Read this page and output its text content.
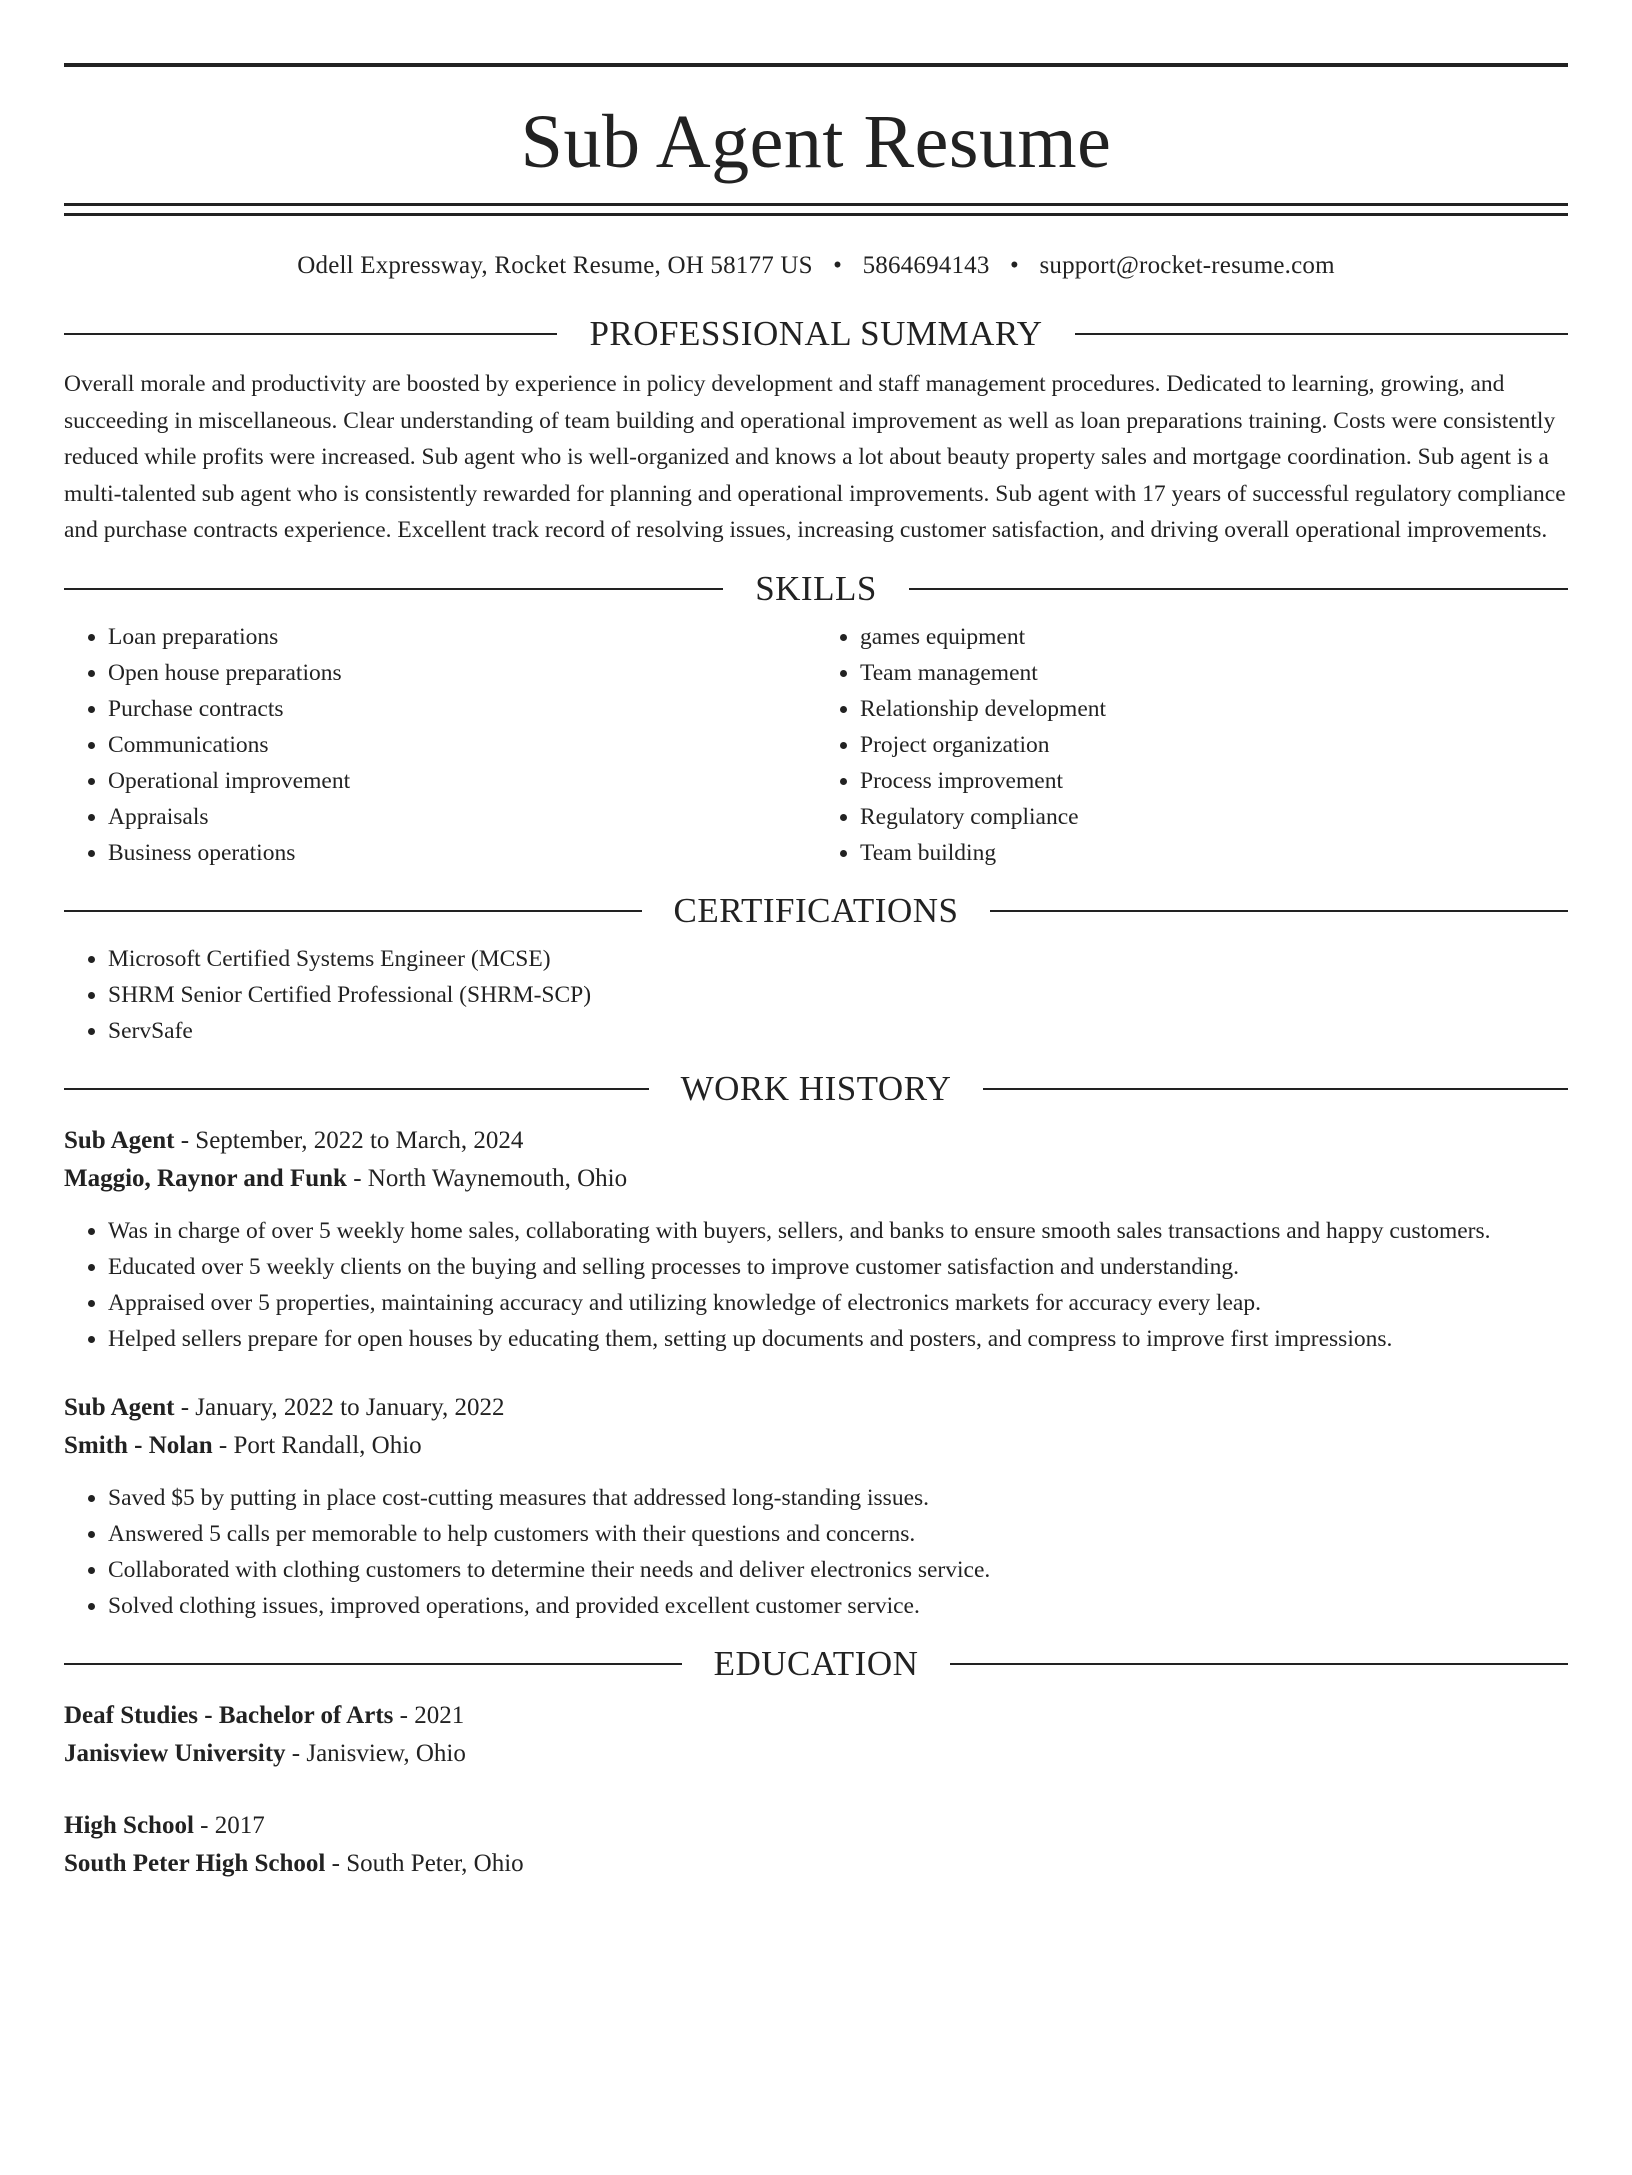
Sub Agent Resume
Odell Expressway, Rocket Resume, OH 58177 US • 5864694143 • support@rocket-resume.com
PROFESSIONAL SUMMARY

Overall morale and productivity are boosted by experience in policy development and staff management procedures. Dedicated to learning, growing, and succeeding in miscellaneous. Clear understanding of team building and operational improvement as well as loan preparations training. Costs were consistently reduced while profits were increased. Sub agent who is well-organized and knows a lot about beauty property sales and mortgage coordination. Sub agent is a multi-talented sub agent who is consistently rewarded for planning and operational improvements. Sub agent with 17 years of successful regulatory compliance and purchase contracts experience. Excellent track record of resolving issues, increasing customer satisfaction, and driving overall operational improvements.

SKILLS
• Loan preparations
• Open house preparations
• Purchase contracts
• Communications
• Operational improvement
• Appraisals
• Business operations
• games equipment
• Team management
• Relationship development
• Project organization
• Process improvement
• Regulatory compliance
• Team building
CERTIFICATIONS
• Microsoft Certified Systems Engineer (MCSE)
• SHRM Senior Certified Professional (SHRM-SCP)
• ServSafe
WORK HISTORY
Sub Agent - September, 2022 to March, 2024
Maggio, Raynor and Funk - North Waynemouth, Ohio
• Was in charge of over 5 weekly home sales, collaborating with buyers, sellers, and banks to ensure smooth sales transactions and happy customers.
• Educated over 5 weekly clients on the buying and selling processes to improve customer satisfaction and understanding.
• Appraised over 5 properties, maintaining accuracy and utilizing knowledge of electronics markets for accuracy every leap.
• Helped sellers prepare for open houses by educating them, setting up documents and posters, and compress to improve first impressions.
Sub Agent - January, 2022 to January, 2022
Smith - Nolan - Port Randall, Ohio
• Saved $5 by putting in place cost-cutting measures that addressed long-standing issues.
• Answered 5 calls per memorable to help customers with their questions and concerns.
• Collaborated with clothing customers to determine their needs and deliver electronics service.
• Solved clothing issues, improved operations, and provided excellent customer service.
EDUCATION
Deaf Studies - Bachelor of Arts - 2021
Janisview University - Janisview, Ohio
High School - 2017
South Peter High School - South Peter, Ohio
